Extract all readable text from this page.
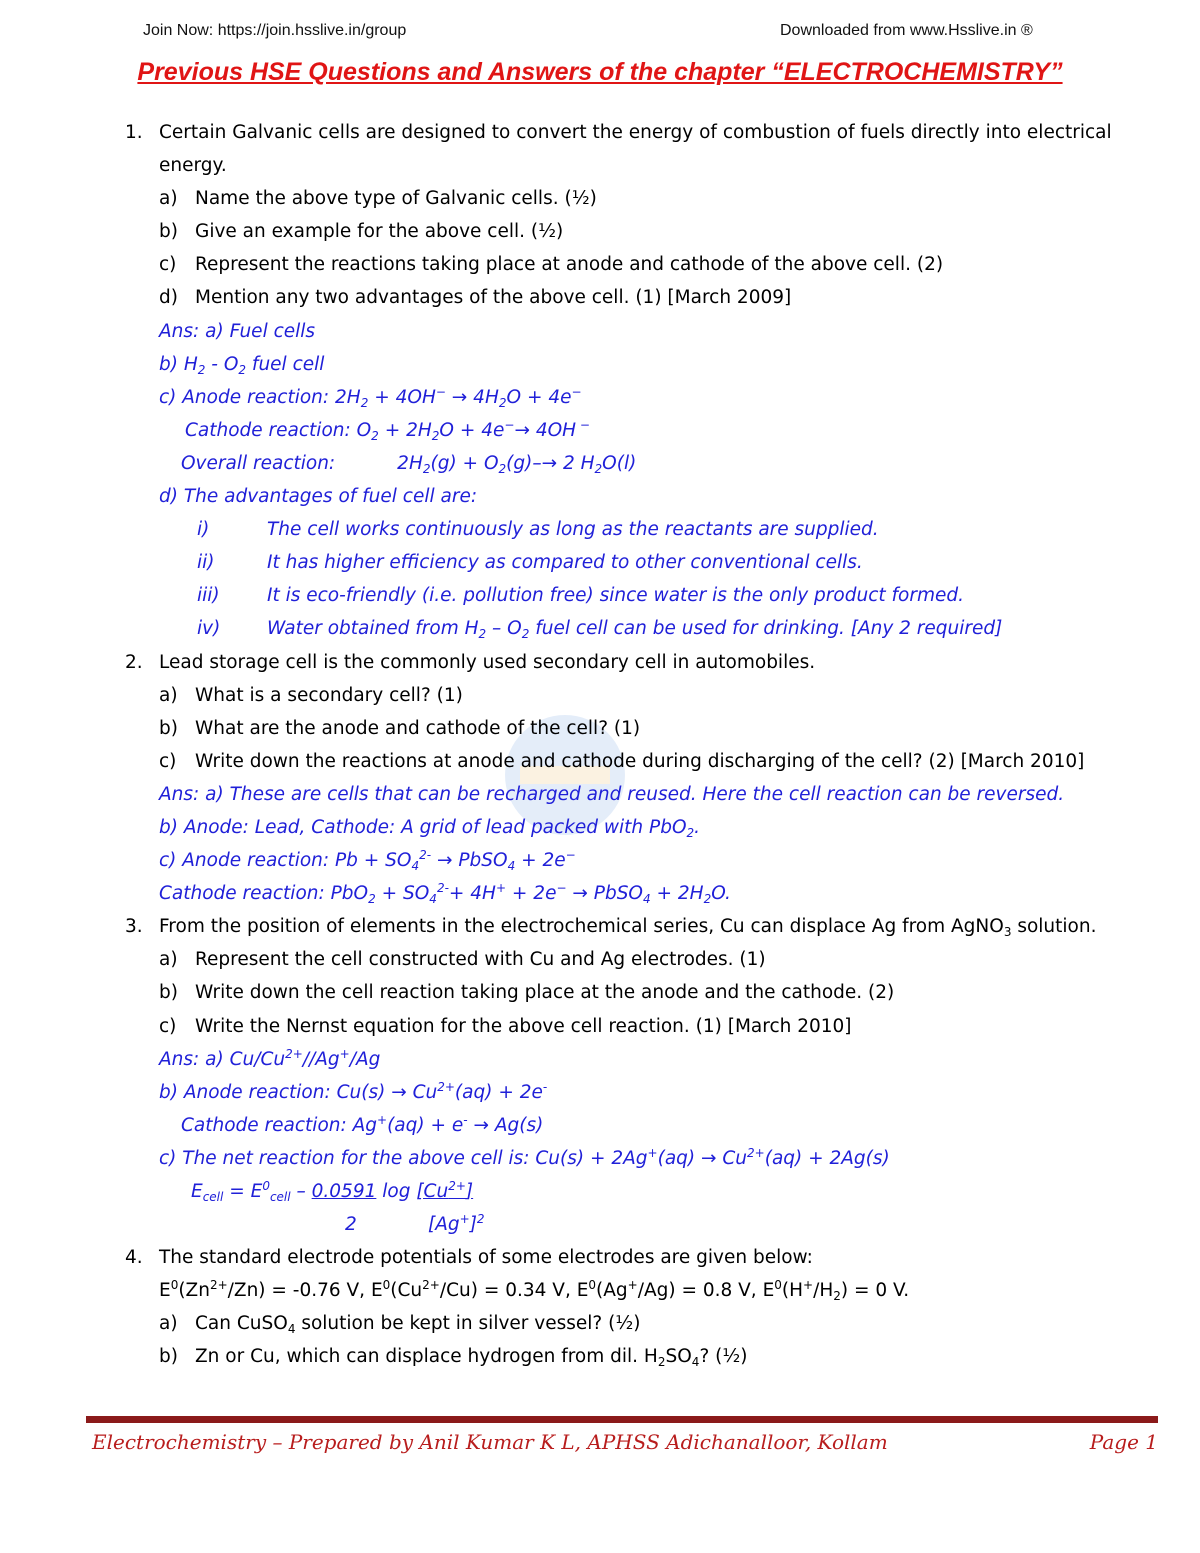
Join Now: https://join.hsslive.in/group	Downloaded from www.Hsslive.in ®
Previous HSE Questions and Answers of the chapter “ELECTROCHEMISTRY”
1. Certain Galvanic cells are designed to convert the energy of combustion of fuels directly into electrical
energy.
a) Name the above type of Galvanic cells. (½)
b) Give an example for the above cell. (½)
c) Represent the reactions taking place at anode and cathode of the above cell. (2)
d) Mention any two advantages of the above cell. (1) [March 2009]
Ans: a) Fuel cells
b) $H_2 - O_2$ fuel cell
c) Anode reaction: $2H_2 + 4OH^- \to 4H_2O + 4e^-$
Cathode reaction: $O_2 + 2H_2O + 4e^-\to 4OH$ −
Overall reaction:	$2H_2(g) + O_2(g)-\to 2$ $H_2O(l)$
d) The advantages of fuel cell are:
i)	The cell works continuously as long as the reactants are supplied.
ii)	It has higher efficiency as compared to other conventional cells.
iii)	It is eco-friendly (i.e. pollution free) since water is the only product formed.
iv)	Water obtained from $H_2 - O_2$ fuel cell can be used for drinking. [Any 2 required]
2. Lead storage cell is the commonly used secondary cell in automobiles.
a) What is a secondary cell? (1)
b) What are the anode and cathode of the cell? (1)
c) Write down the reactions at anode and cathode during discharging of the cell? (2) [March 2010]
Ans: a) These are cells that can be recharged and reused. Here the cell reaction can be reversed.
b) Anode: Lead, Cathode: A grid of lead packed with PbO$_2$.
c) Anode reaction: $Pb + SO_4^{2-}$ → PbSO$_4$ + 2e−
Cathode reaction: $PbO_2 + SO_4^{2-}+ 4H^+ + 2e^-$ → PbSO$_4$ + $2H_2O$.
3. From the position of elements in the electrochemical series, Cu can displace Ag from AgNO$_3$ solution.
a) Represent the cell constructed with Cu and Ag electrodes. (1)
b) Write down the cell reaction taking place at the anode and the cathode. (2)
c) Write the Nernst equation for the above cell reaction. (1) [March 2010]
Ans: a) $Cu/Cu^{2+}//Ag^+/Ag$
b) Anode reaction: $Cu(s) \to Cu^{2+}(aq) + 2e^-$
Cathode reaction: Ag+(aq) + e- → Ag(s)
c) The net reaction for the above cell is: $Cu(s) + 2Ag^+(aq) \to Cu^{2+}(aq) + 2Ag(s)$
$E_{cell} = E^0_{cell} - 0.0591$ $\log [Cu^{2+}]$
2	$[Ag^+]^2$
4. The standard electrode potentials of some electrodes are given below:
$E^0(Zn^{2+}/Zn) = -0.76$ V, $E^0(Cu^{2+}/Cu) = 0.34$ V, $E^0(Ag^+/Ag) = 0.8$ V, $E^0(H^+/H_2) = 0$ V.
a) Can CuSO$_4$ solution be kept in silver vessel? (½)
b) Zn or Cu, which can displace hydrogen from dil. $H_2SO_4$? (½)
Electrochemistry – Prepared by Anil Kumar K L, APHSS Adichanalloor, Kollam	Page 1
